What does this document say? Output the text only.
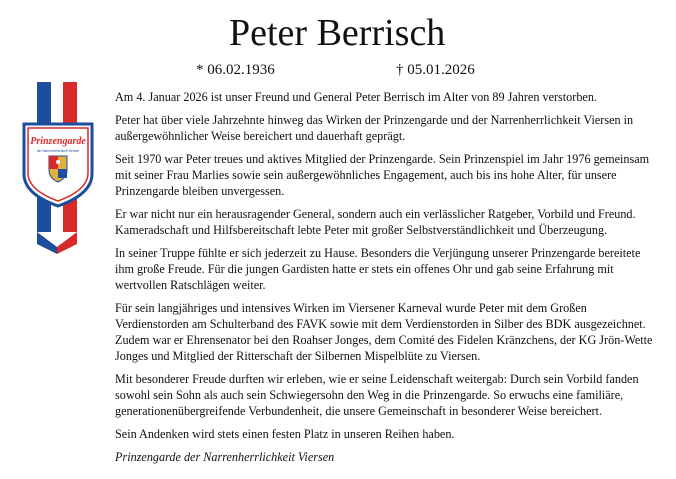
Peter Berrisch
* 06.02.1936	† 05.01.2026
Prinzengarde
der Narrenherrlichkeit Viersen

Am 4. Januar 2026 ist unser Freund und General Peter Berrisch im Alter von 89 Jahren verstorben.

Peter hat über viele Jahrzehnte hinweg das Wirken der Prinzengarde und der Narrenherrlichkeit Viersen in außergewöhnlicher Weise bereichert und dauerhaft geprägt.

Seit 1970 war Peter treues und aktives Mitglied der Prinzengarde. Sein Prinzenspiel im Jahr 1976 gemeinsam mit seiner Frau Marlies sowie sein außergewöhnliches Engagement, auch bis ins hohe Alter, für unsere Prinzengarde bleiben unvergessen.

Er war nicht nur ein herausragender General, sondern auch ein verlässlicher Ratgeber, Vorbild und Freund. Kameradschaft und Hilfsbereitschaft lebte Peter mit großer Selbstverständlichkeit und Überzeugung.

In seiner Truppe fühlte er sich jederzeit zu Hause. Besonders die Verjüngung unserer Prinzengarde bereitete ihm große Freude. Für die jungen Gardisten hatte er stets ein offenes Ohr und gab seine Erfahrung mit wertvollen Ratschlägen weiter.

Für sein langjähriges und intensives Wirken im Viersener Karneval wurde Peter mit dem Großen Verdienstorden am Schulterband des FAVK sowie mit dem Verdienstorden in Silber des BDK ausgezeichnet. Zudem war er Ehrensenator bei den Roahser Jonges, dem Comité des Fidelen Kränzchens, der KG Jrön-Wette Jonges und Mitglied der Ritterschaft der Silbernen Mispelblüte zu Viersen.

Mit besonderer Freude durften wir erleben, wie er seine Leidenschaft weitergab: Durch sein Vorbild fanden sowohl sein Sohn als auch sein Schwiegersohn den Weg in die Prinzengarde. So erwuchs eine familiäre, generationenübergreifende Verbundenheit, die unsere Gemeinschaft in besonderer Weise bereichert.

Sein Andenken wird stets einen festen Platz in unseren Reihen haben.

Prinzengarde der Narrenherrlichkeit Viersen
